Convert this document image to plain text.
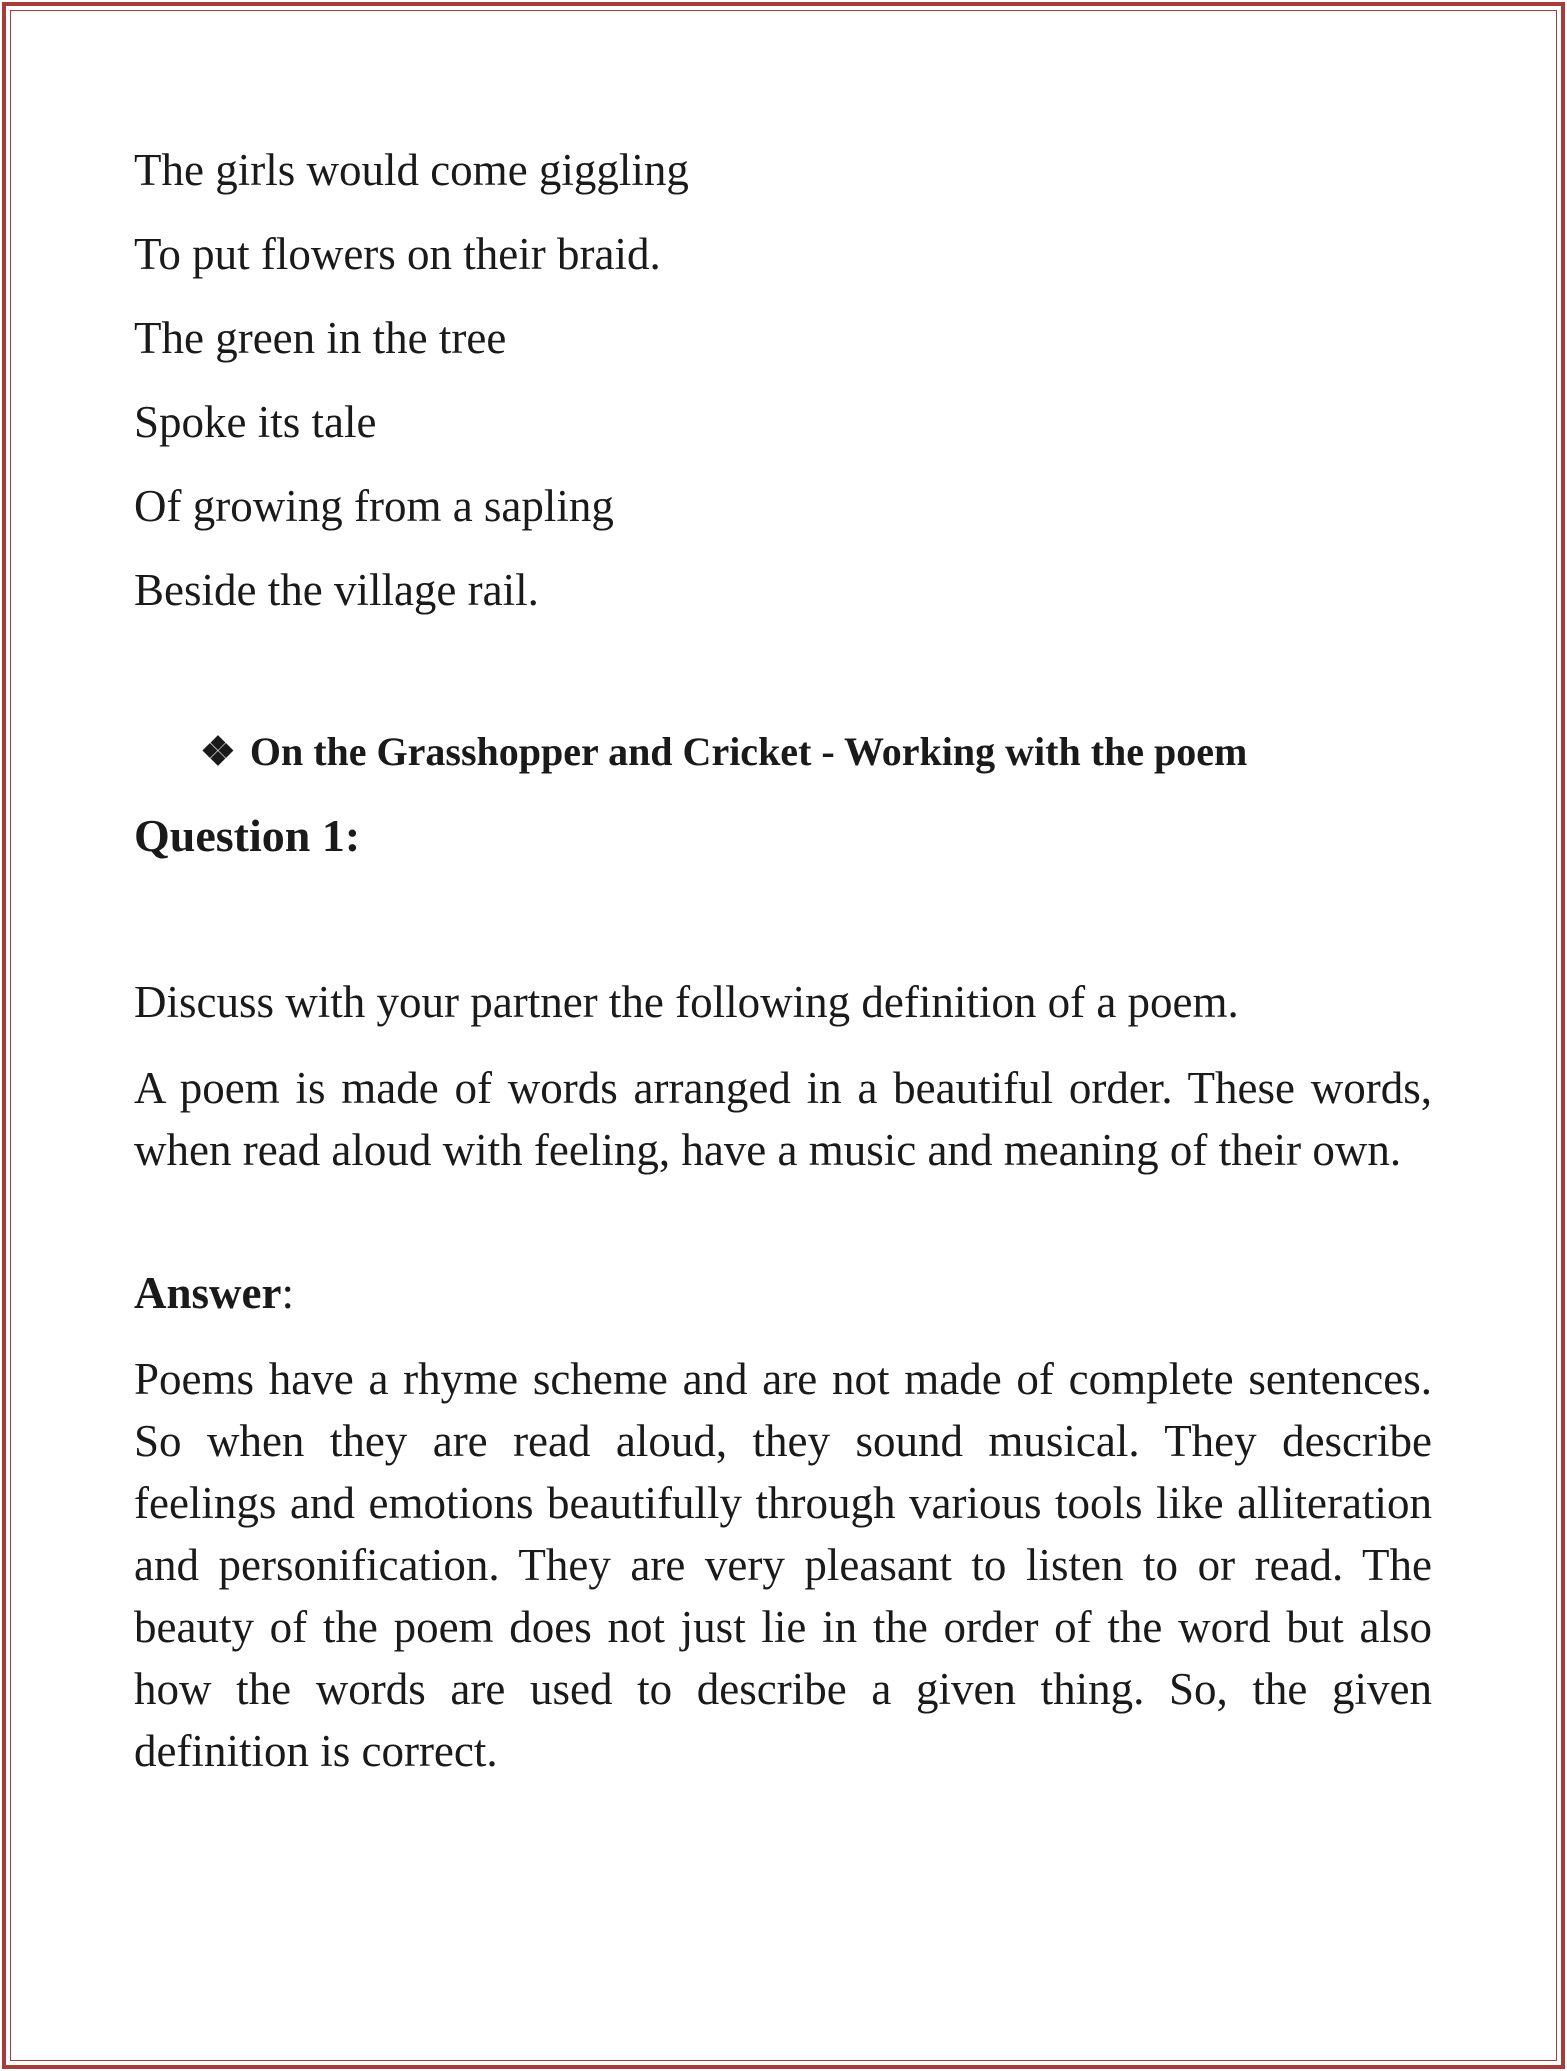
The girls would come giggling

To put flowers on their braid.

The green in the tree

Spoke its tale

Of growing from a sapling

Beside the village rail.

❖ On the Grasshopper and Cricket - Working with the poem

Question 1:

Discuss with your partner the following definition of a poem.

A poem is made of words arranged in a beautiful order. These words, when read aloud with feeling, have a music and meaning of their own.

Answer:

Poems have a rhyme scheme and are not made of complete sentences. So when they are read aloud, they sound musical. They describe feelings and emotions beautifully through various tools like alliteration and personification. They are very pleasant to listen to or read. The beauty of the poem does not just lie in the order of the word but also how the words are used to describe a given thing. So, the given definition is correct.
